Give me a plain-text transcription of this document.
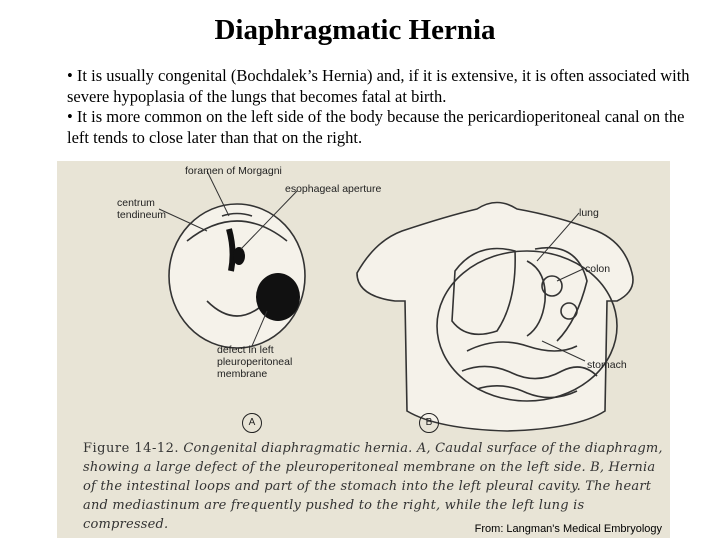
Diaphragmatic Hernia
• It is usually congenital (Bochdalek’s Hernia) and, if it is extensive, it is often associated with severe hypoplasia of the lungs that becomes fatal at birth.
• It is more common on the left side of the body because the pericardioperitoneal canal on the left tends to close later than that on the right.
foramen of Morgagni
centrum
tendineum
esophageal aperture
defect in left
pleuroperitoneal
membrane
lung
colon
stomach
A	B
Figure 14-12. Congenital diaphragmatic hernia. A, Caudal surface of the diaphragm, showing a large defect of the pleuroperitoneal membrane on the left side. B, Hernia of the intestinal loops and part of the stomach into the left pleural cavity. The heart and mediastinum are frequently pushed to the right, while the left lung is compressed.	From: Langman's Medical Embryology
